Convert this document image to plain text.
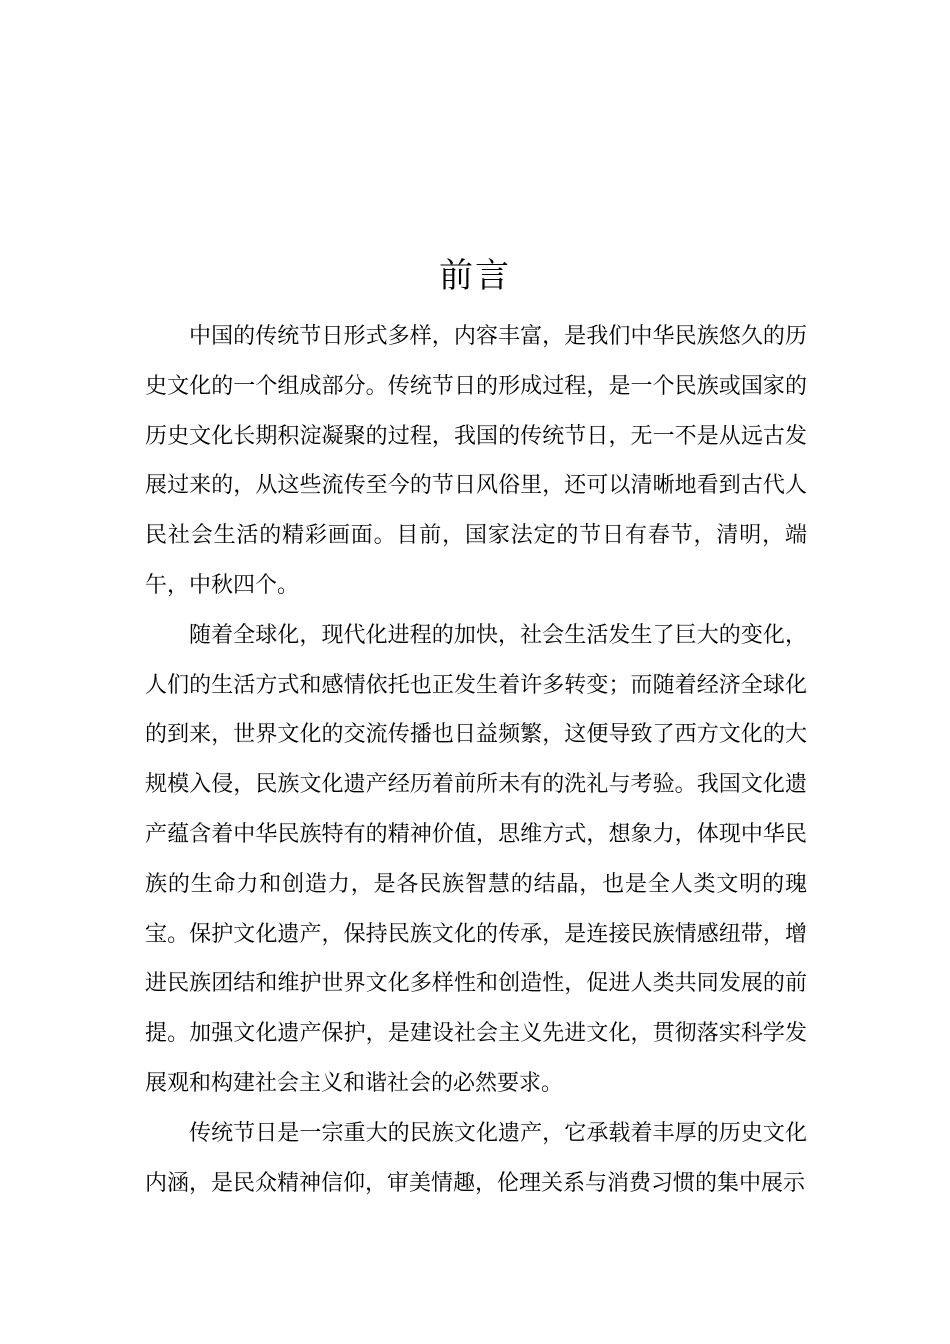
前言

中国的传统节日形式多样，内容丰富，是我们中华民族悠久的历史文化的一个组成部分。传统节日的形成过程，是一个民族或国家的历史文化长期积淀凝聚的过程，我国的传统节日，无一不是从远古发展过来的，从这些流传至今的节日风俗里，还可以清晰地看到古代人民社会生活的精彩画面。目前，国家法定的节日有春节，清明，端午，中秋四个。

随着全球化，现代化进程的加快，社会生活发生了巨大的变化，人们的生活方式和感情依托也正发生着许多转变；而随着经济全球化的到来，世界文化的交流传播也日益频繁，这便导致了西方文化的大规模入侵，民族文化遗产经历着前所未有的洗礼与考验。我国文化遗产蕴含着中华民族特有的精神价值，思维方式，想象力，体现中华民族的生命力和创造力，是各民族智慧的结晶，也是全人类文明的瑰宝。保护文化遗产，保持民族文化的传承，是连接民族情感纽带，增进民族团结和维护世界文化多样性和创造性，促进人类共同发展的前提。加强文化遗产保护，是建设社会主义先进文化，贯彻落实科学发展观和构建社会主义和谐社会的必然要求。

传统节日是一宗重大的民族文化遗产，它承载着丰厚的历史文化内涵，是民众精神信仰，审美情趣，伦理关系与消费习惯的集中展示
